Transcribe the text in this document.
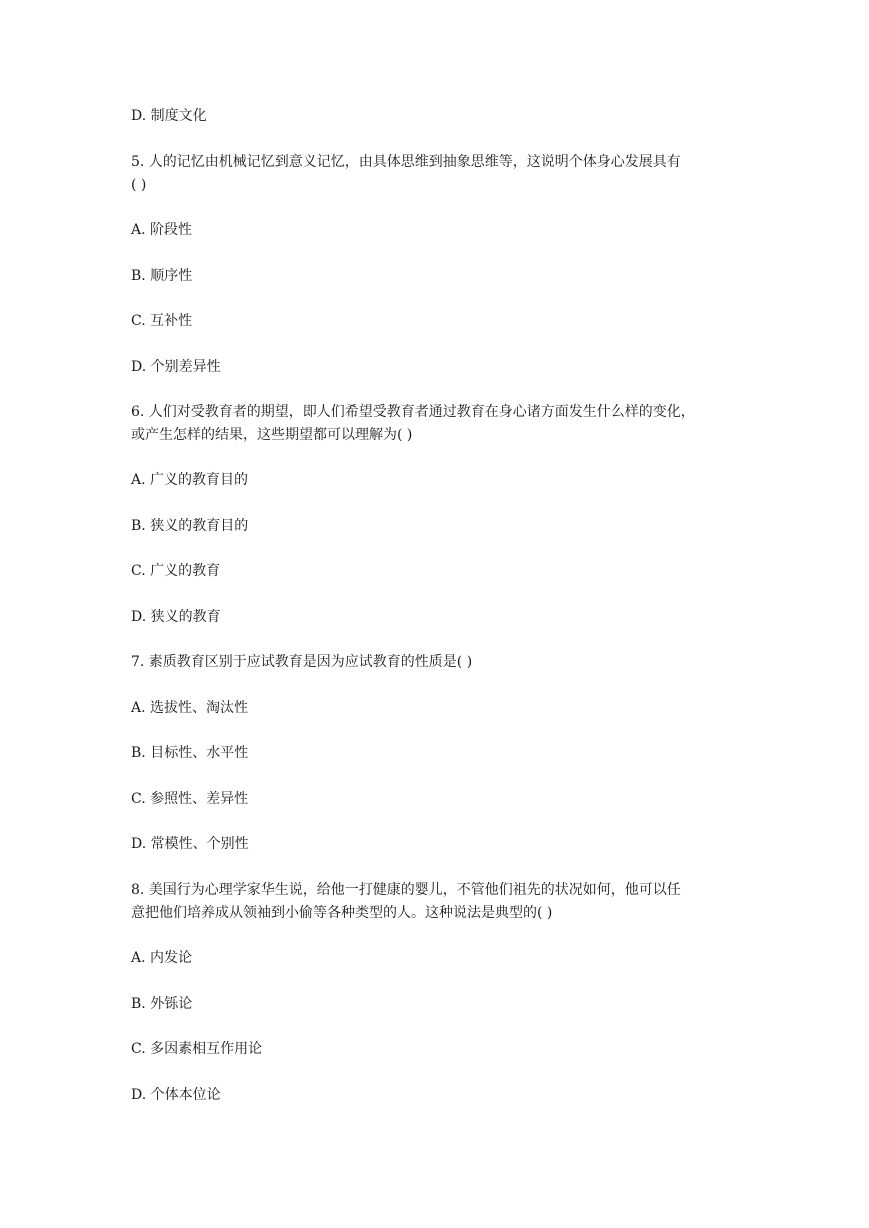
D. 制度文化
5. 人的记忆由机械记忆到意义记忆，由具体思维到抽象思维等，这说明个体身心发展具有
( )
A. 阶段性
B. 顺序性
C. 互补性
D. 个别差异性
6. 人们对受教育者的期望，即人们希望受教育者通过教育在身心诸方面发生什么样的变化，
或产生怎样的结果，这些期望都可以理解为( )
A. 广义的教育目的
B. 狭义的教育目的
C. 广义的教育
D. 狭义的教育
7. 素质教育区别于应试教育是因为应试教育的性质是( )
A. 选拔性、淘汰性
B. 目标性、水平性
C. 参照性、差异性
D. 常模性、个别性
8. 美国行为心理学家华生说，给他一打健康的婴儿，不管他们祖先的状况如何，他可以任
意把他们培养成从领袖到小偷等各种类型的人。这种说法是典型的( )
A. 内发论
B. 外铄论
C. 多因素相互作用论
D. 个体本位论
